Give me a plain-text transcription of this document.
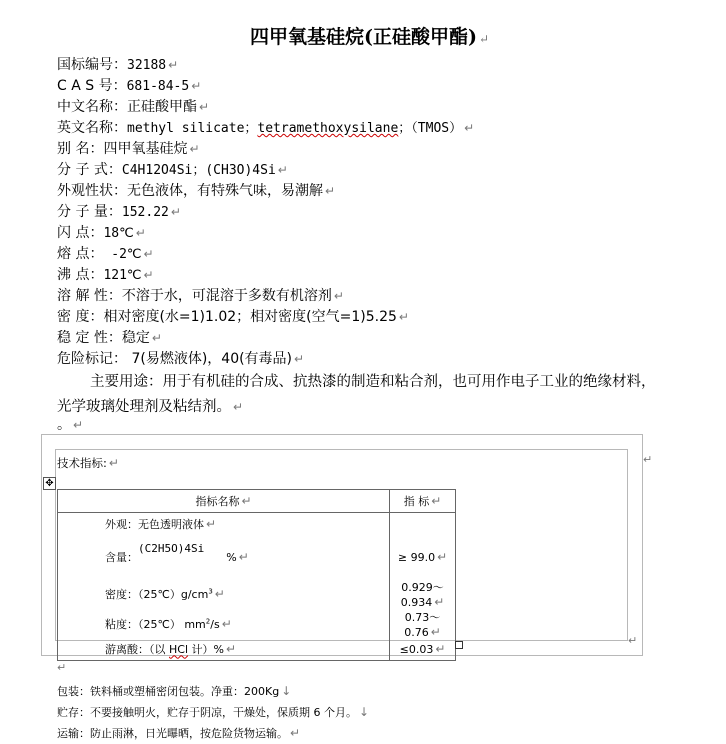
四甲氧基硅烷(正硅酸甲酯) ↵
国标编号：32188 ↵
C A S 号：681-84-5 ↵
中文名称：正硅酸甲酯 ↵
英文名称：methyl silicate；tetramethoxysilane；（TMOS） ↵
别 名：四甲氧基硅烷 ↵
分 子 式：C4H12O4Si；(CH3O)4Si ↵
外观性状：无色液体，有特殊气味，易潮解 ↵
分 子 量：152.22 ↵
闪 点：18℃ ↵
熔 点： -2℃ ↵
沸 点：121℃ ↵
溶 解 性：不溶于水，可混溶于多数有机溶剂 ↵
密 度：相对密度(水=1)1.02；相对密度(空气=1)5.25 ↵
稳 定 性：稳定 ↵
危险标记： 7(易燃液体)，40(有毒品) ↵
主要用途：用于有机硅的合成、抗热漆的制造和粘合剂，也可用作电子工业的绝缘材料，光学玻璃处理剂及粘结剂。 ↵
。 ↵
技术指标: ↵	↵
↵
✥
指标名称 ↵	指 标 ↵
外观：无色透明液体 ↵	
含量：(C2H5O)4Si% ↵	≥ 99.0 ↵
密度：$(25℃)g/cm^3$ ↵	0.929～0.934 ↵
粘度：（25℃） $mm^2/s$ ↵	0.73～0.76 ↵
游离酸：（以 HCl 计）% ↵	≤0.03 ↵
↵
包装：铁料桶或塑桶密闭包装。净重：200Kg ↓
贮存：不要接触明火，贮存于阴凉，干燥处，保质期 6 个月。 ↓
运输：防止雨淋，日光曝晒，按危险货物运输。 ↵
